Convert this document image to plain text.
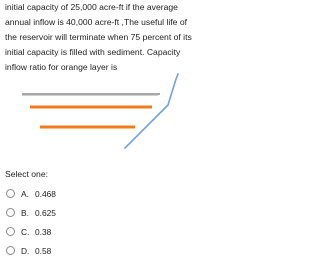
initial capacity of 25,000 acre-ft if the average
annual inflow is 40,000 acre-ft ,The useful life of
the reservoir will terminate when 75 percent of its
initial capacity is filled with sediment. Capacity
inflow ratio for orange layer is
Select one:
A. 0.468
B. 0.625
C. 0.38
D. 0.58
